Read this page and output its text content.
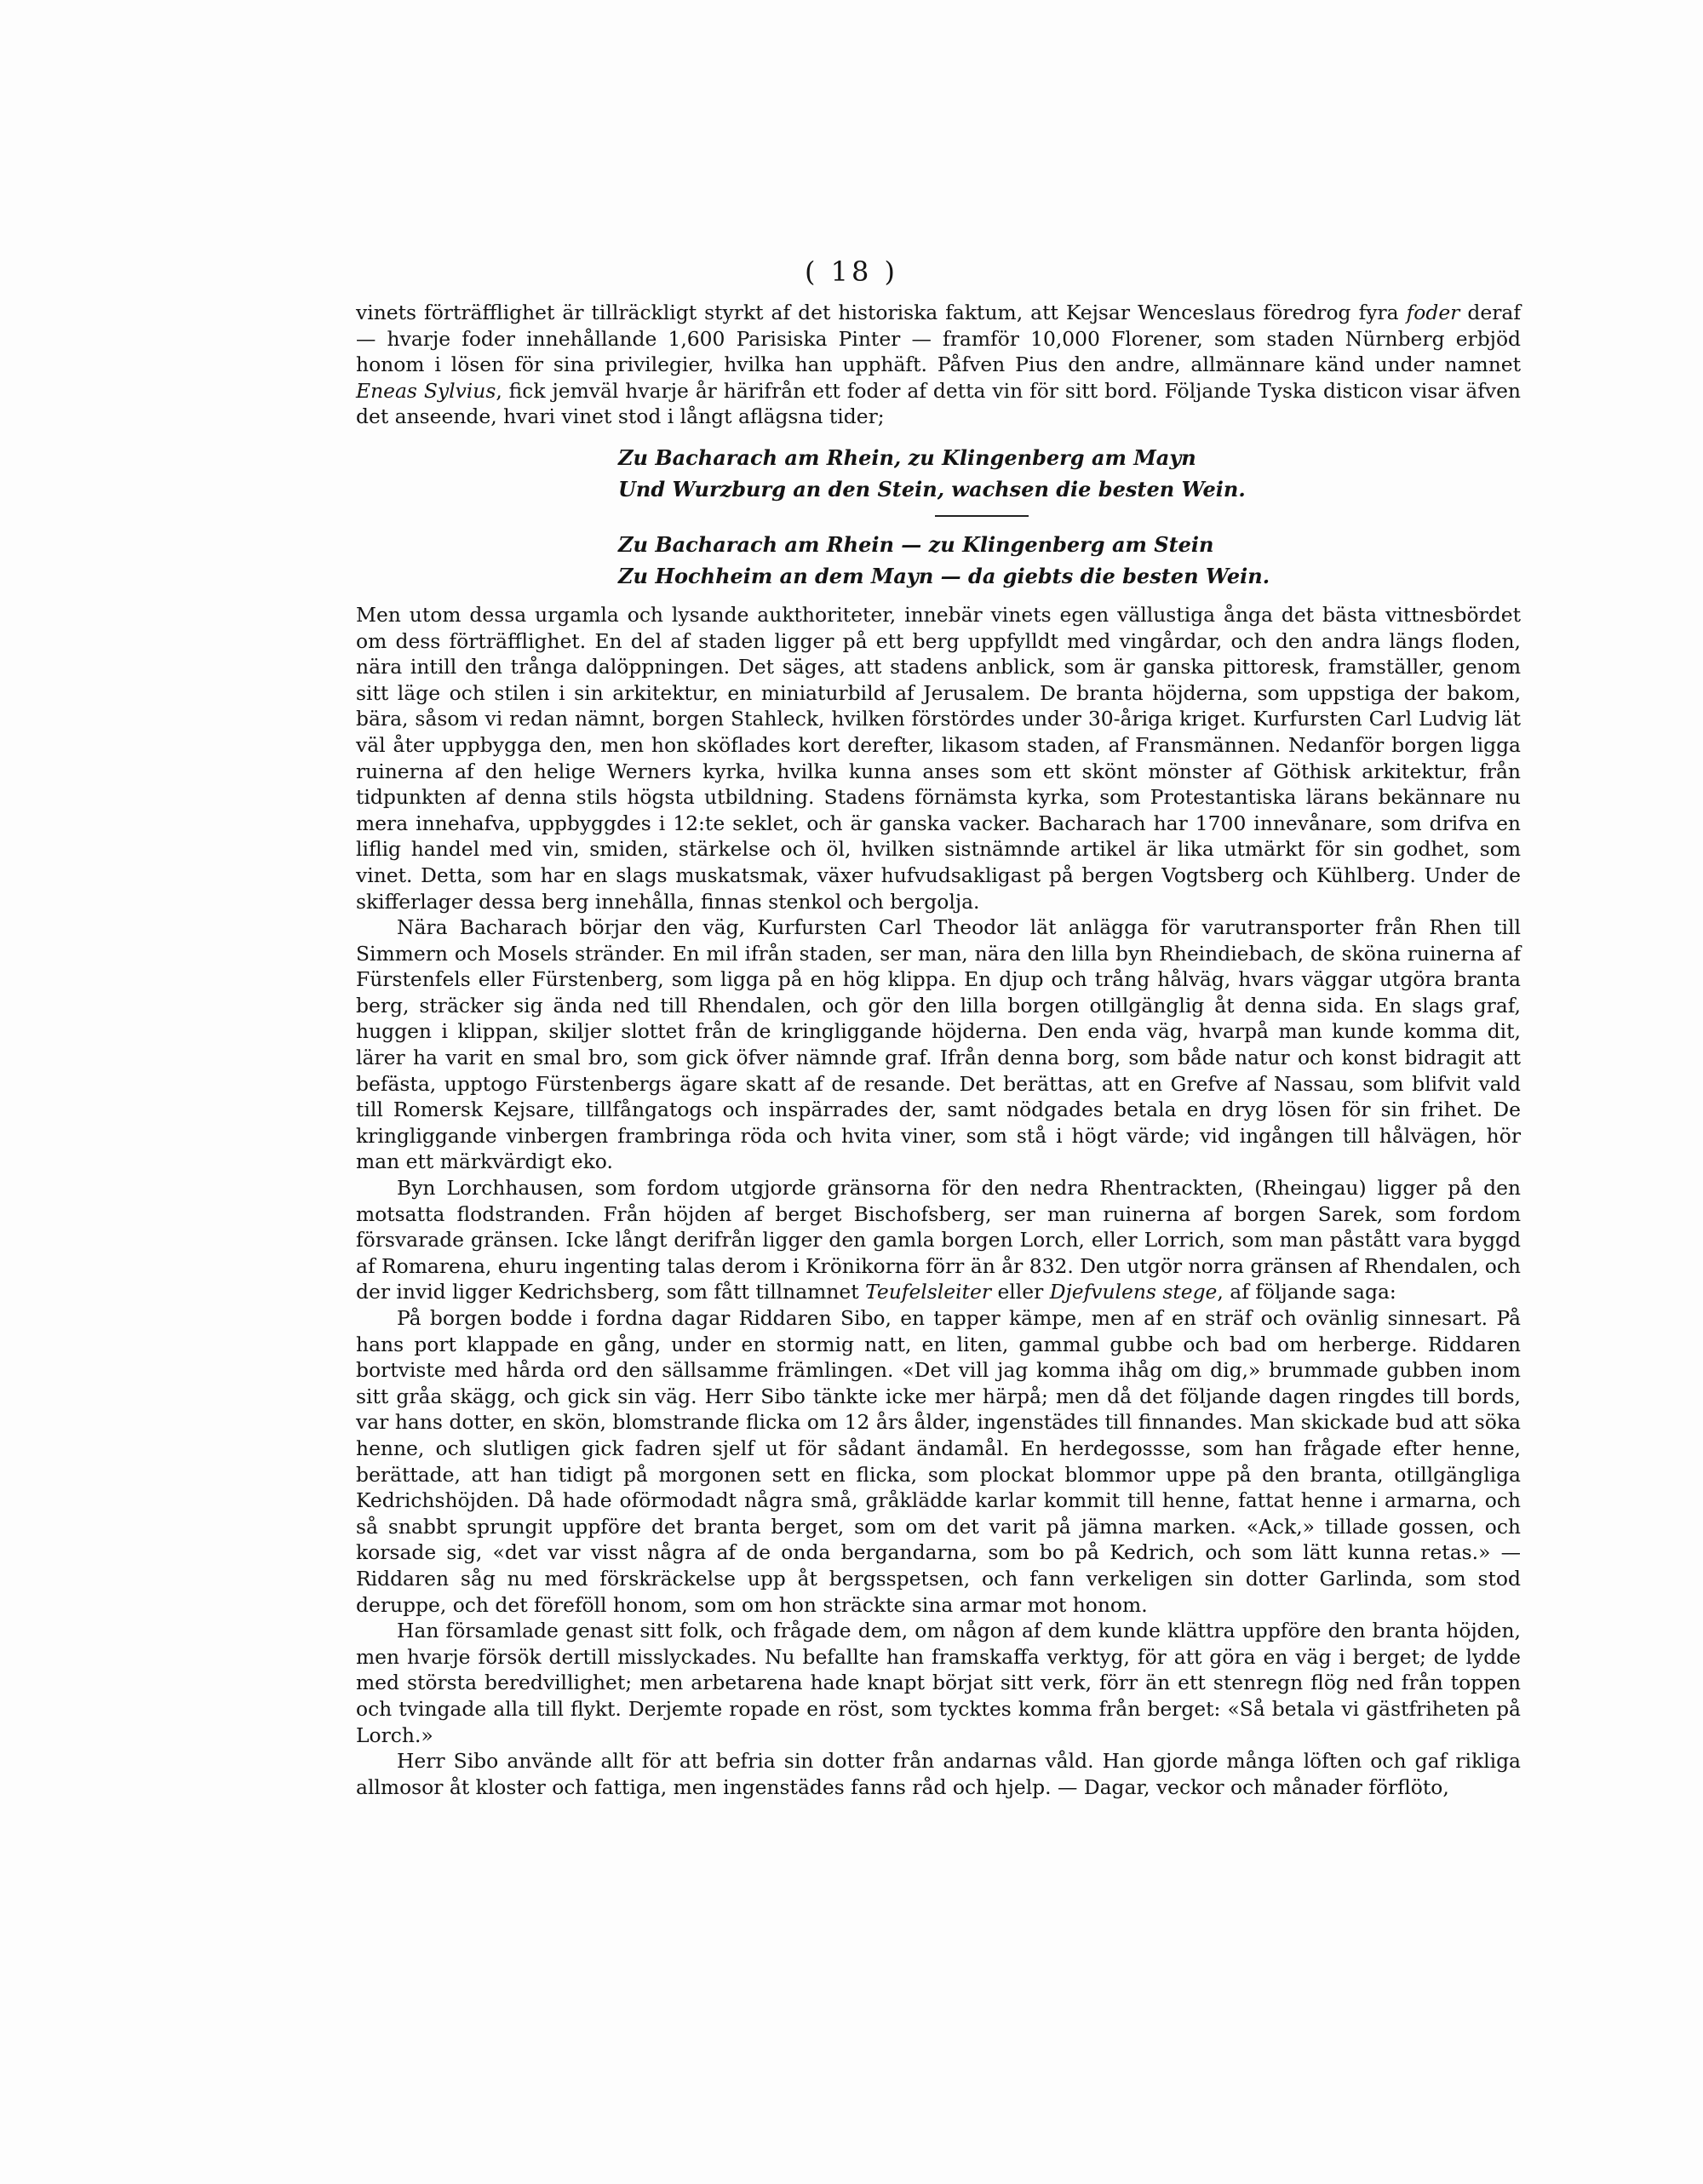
( 18 )

vinets förträfflighet är tillräckligt styrkt af det historiska faktum, att Kejsar Wenceslaus föredrog fyra foder deraf — hvarje foder innehållande 1,600 Parisiska Pinter — framför 10,000 Florener, som staden Nürnberg erbjöd honom i lösen för sina privilegier, hvilka han upphäft. Påfven Pius den andre, allmännare känd under namnet Eneas Sylvius, fick jemväl hvarje år härifrån ett foder af detta vin för sitt bord. Följande Tyska disticon visar äfven det anseende, hvari vinet stod i långt aflägsna tider;

Zu Bacharach am Rhein, zu Klingenberg am Mayn
Und Wurzburg an den Stein, wachsen die besten Wein.
Zu Bacharach am Rhein — zu Klingenberg am Stein
Zu Hochheim an dem Mayn — da giebts die besten Wein.

Men utom dessa urgamla och lysande aukthoriteter, innebär vinets egen vällustiga ånga det bästa vittnesbördet om dess förträfflighet. En del af staden ligger på ett berg uppfylldt med vingårdar, och den andra längs floden, nära intill den trånga dalöppningen. Det säges, att stadens anblick, som är ganska pittoresk, framställer, genom sitt läge och stilen i sin arkitektur, en miniaturbild af Jerusalem. De branta höjderna, som uppstiga der bakom, bära, såsom vi redan nämnt, borgen Stahleck, hvilken förstördes under 30-åriga kriget. Kurfursten Carl Ludvig lät väl åter uppbygga den, men hon sköflades kort derefter, likasom staden, af Fransmännen. Nedanför borgen ligga ruinerna af den helige Werners kyrka, hvilka kunna anses som ett skönt mönster af Göthisk arkitektur, från tidpunkten af denna stils högsta utbildning. Stadens förnämsta kyrka, som Protestantiska lärans bekännare nu mera innehafva, uppbyggdes i 12:te seklet, och är ganska vacker. Bacharach har 1700 innevånare, som drifva en liflig handel med vin, smiden, stärkelse och öl, hvilken sistnämnde artikel är lika utmärkt för sin godhet, som vinet. Detta, som har en slags muskatsmak, växer hufvudsakligast på bergen Vogtsberg och Kühlberg. Under de skifferlager dessa berg innehålla, finnas stenkol och bergolja.

Nära Bacharach börjar den väg, Kurfursten Carl Theodor lät anlägga för varutransporter från Rhen till Simmern och Mosels stränder. En mil ifrån staden, ser man, nära den lilla byn Rheindiebach, de sköna ruinerna af Fürstenfels eller Fürstenberg, som ligga på en hög klippa. En djup och trång hålväg, hvars väggar utgöra branta berg, sträcker sig ända ned till Rhendalen, och gör den lilla borgen otillgänglig åt denna sida. En slags graf, huggen i klippan, skiljer slottet från de kringliggande höjderna. Den enda väg, hvarpå man kunde komma dit, lärer ha varit en smal bro, som gick öfver nämnde graf. Ifrån denna borg, som både natur och konst bidragit att befästa, upptogo Fürstenbergs ägare skatt af de resande. Det berättas, att en Grefve af Nassau, som blifvit vald till Romersk Kejsare, tillfångatogs och inspärrades der, samt nödgades betala en dryg lösen för sin frihet. De kringliggande vinbergen frambringa röda och hvita viner, som stå i högt värde; vid ingången till hålvägen, hör man ett märkvärdigt eko.

Byn Lorchhausen, som fordom utgjorde gränsorna för den nedra Rhentrackten, (Rheingau) ligger på den motsatta flodstranden. Från höjden af berget Bischofsberg, ser man ruinerna af borgen Sarek, som fordom försvarade gränsen. Icke långt derifrån ligger den gamla borgen Lorch, eller Lorrich, som man påstått vara byggd af Romarena, ehuru ingenting talas derom i Krönikorna förr än år 832. Den utgör norra gränsen af Rhendalen, och der invid ligger Kedrichsberg, som fått tillnamnet Teufelsleiter eller Djefvulens stege, af följande saga:

På borgen bodde i fordna dagar Riddaren Sibo, en tapper kämpe, men af en sträf och ovänlig sinnesart. På hans port klappade en gång, under en stormig natt, en liten, gammal gubbe och bad om herberge. Riddaren bortviste med hårda ord den sällsamme främlingen. «Det vill jag komma ihåg om dig,» brummade gubben inom sitt gråa skägg, och gick sin väg. Herr Sibo tänkte icke mer härpå; men då det följande dagen ringdes till bords, var hans dotter, en skön, blomstrande flicka om 12 års ålder, ingenstädes till finnandes. Man skickade bud att söka henne, och slutligen gick fadren sjelf ut för sådant ändamål. En herdegossse, som han frågade efter henne, berättade, att han tidigt på morgonen sett en flicka, som plockat blommor uppe på den branta, otillgängliga Kedrichshöjden. Då hade oförmodadt några små, gråklädde karlar kommit till henne, fattat henne i armarna, och så snabbt sprungit uppföre det branta berget, som om det varit på jämna marken. «Ack,» tillade gossen, och korsade sig, «det var visst några af de onda bergandarna, som bo på Kedrich, och som lätt kunna retas.» — Riddaren såg nu med förskräckelse upp åt bergsspetsen, och fann verkeligen sin dotter Garlinda, som stod deruppe, och det föreföll honom, som om hon sträckte sina armar mot honom.

Han församlade genast sitt folk, och frågade dem, om någon af dem kunde klättra uppföre den branta höjden, men hvarje försök dertill misslyckades. Nu befallte han framskaffa verktyg, för att göra en väg i berget; de lydde med största beredvillighet; men arbetarena hade knapt börjat sitt verk, förr än ett stenregn flög ned från toppen och tvingade alla till flykt. Derjemte ropade en röst, som tycktes komma från berget: «Så betala vi gästfriheten på Lorch.»

Herr Sibo använde allt för att befria sin dotter från andarnas våld. Han gjorde många löften och gaf rikliga allmosor åt kloster och fattiga, men ingenstädes fanns råd och hjelp. — Dagar, veckor och månader förflöto,
